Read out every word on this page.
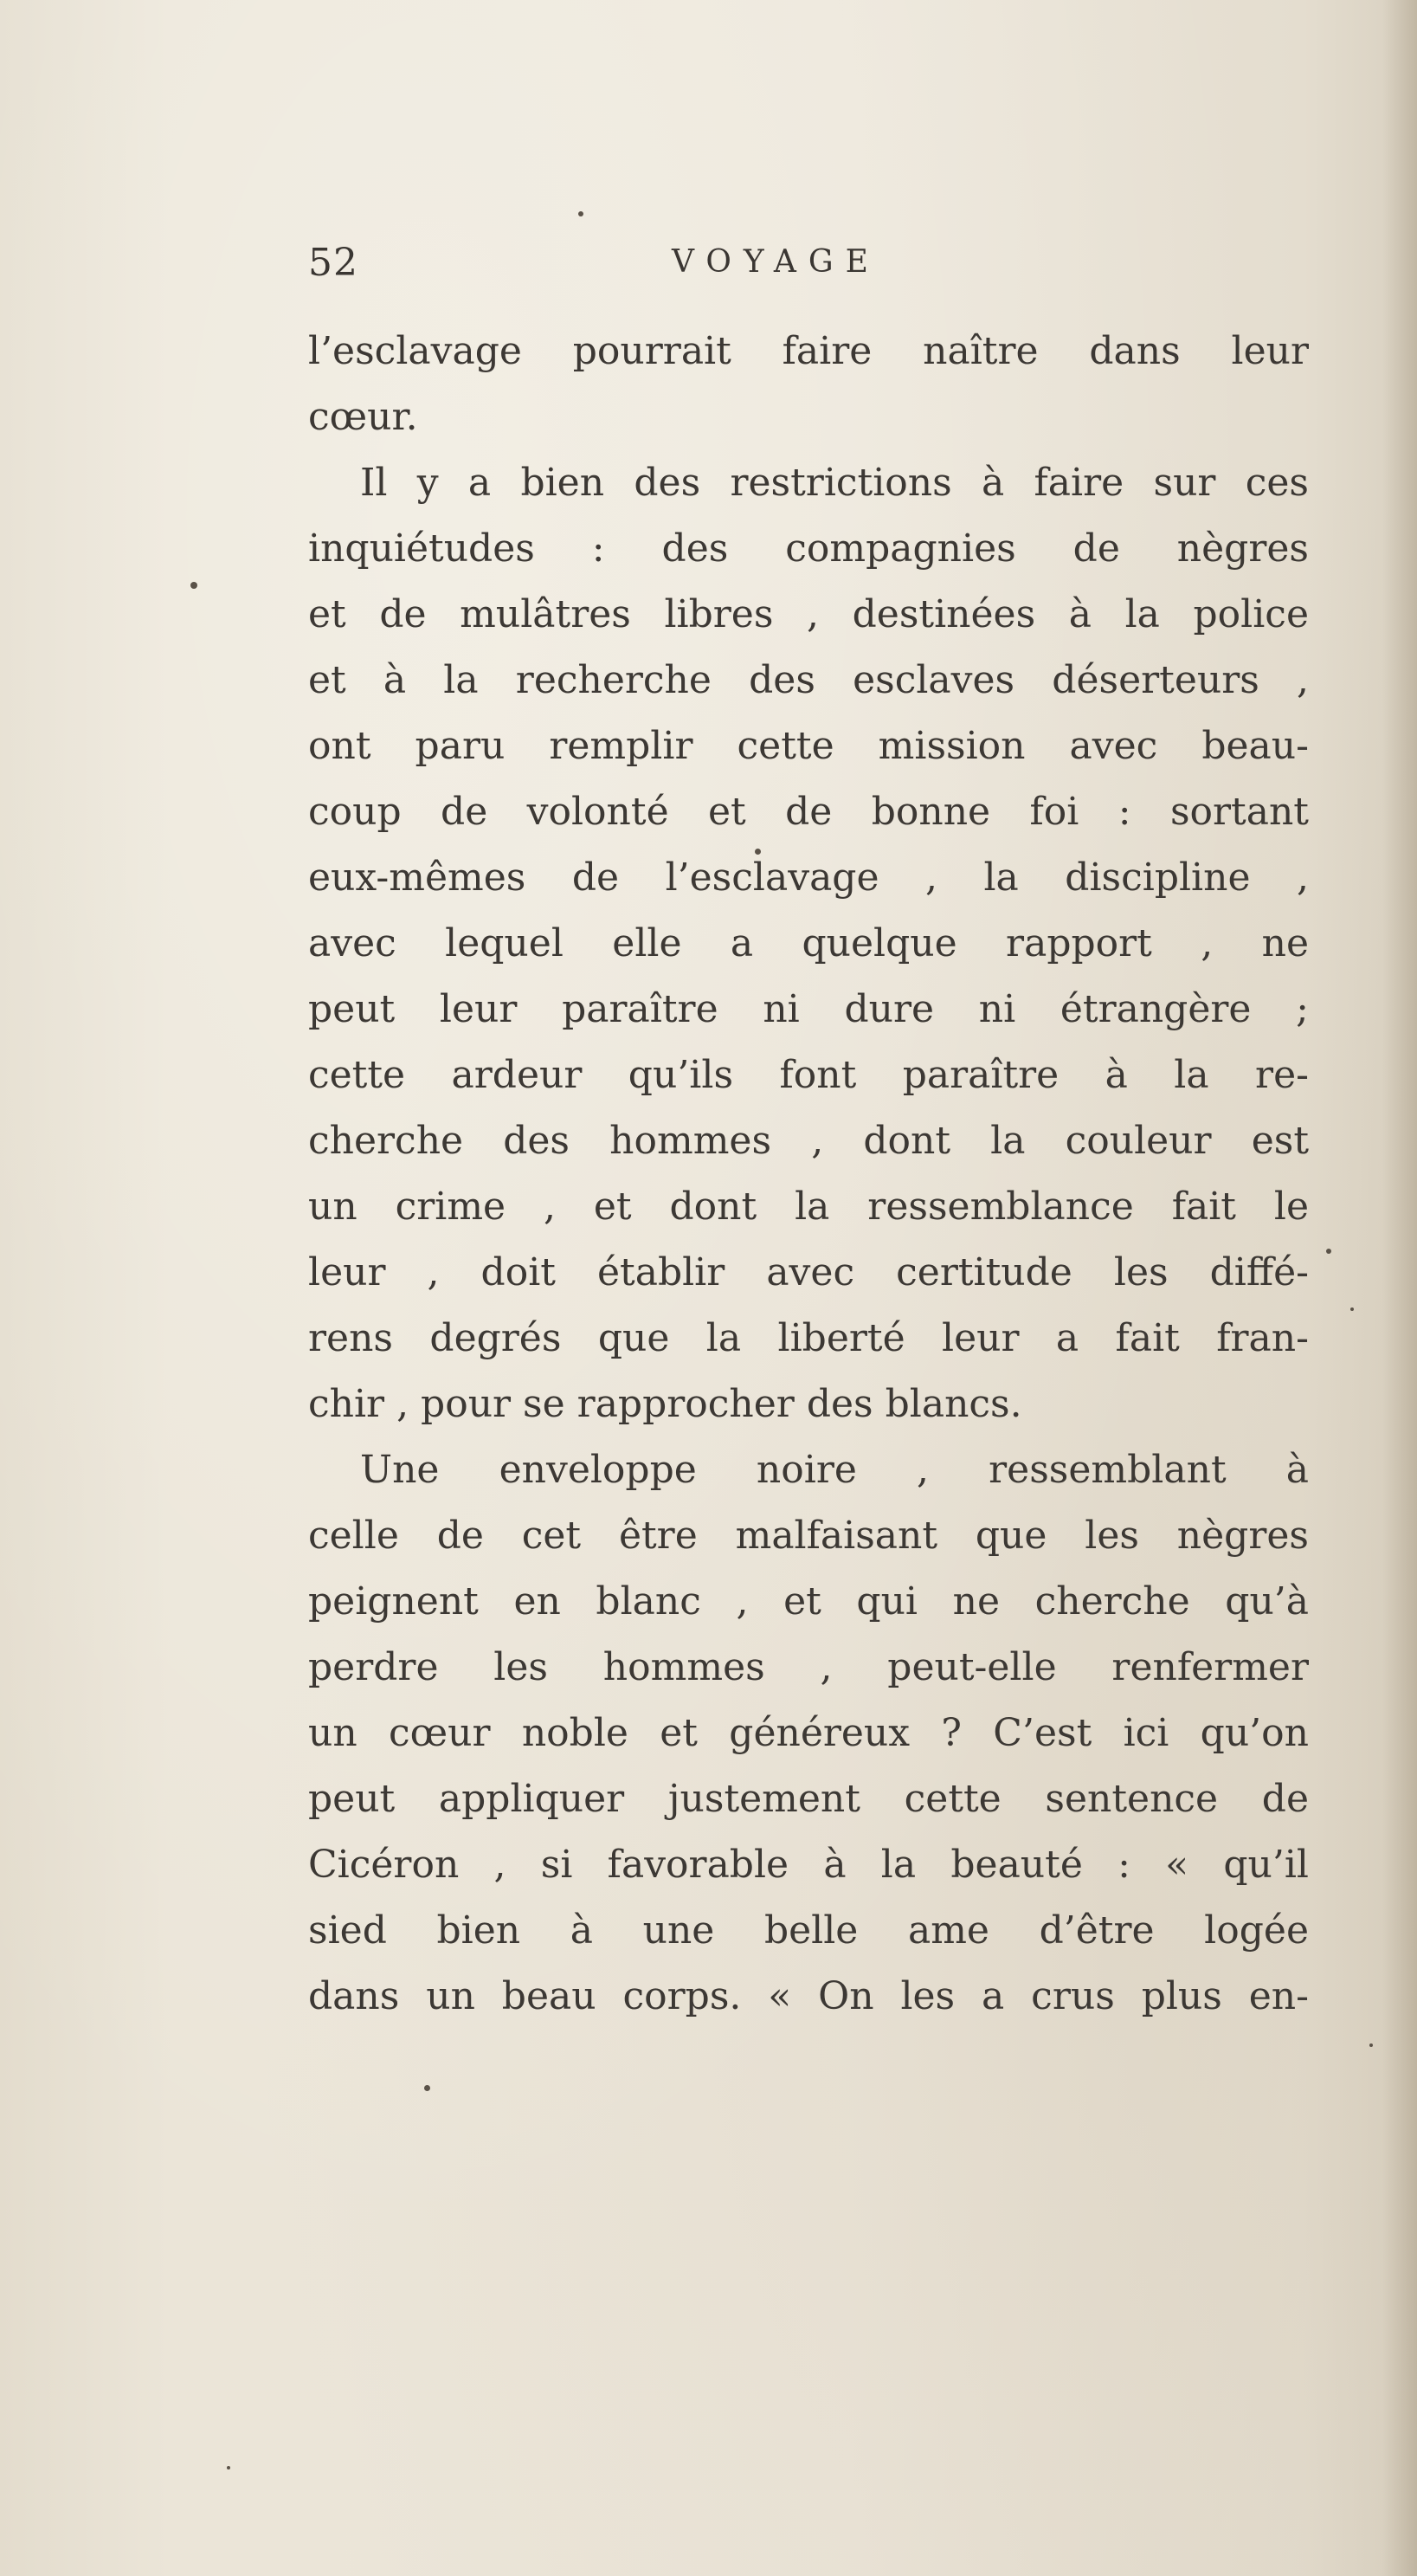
52	VOYAGE
l’esclavage pourrait faire naître dans leur
cœur.
Il y a bien des restrictions à faire sur ces
inquiétudes : des compagnies de nègres
et de mulâtres libres , destinées à la police
et à la recherche des esclaves déserteurs ,
ont paru remplir cette mission avec beau-
coup de volonté et de bonne foi : sortant
eux-mêmes de l’esclavage , la discipline ,
avec lequel elle a quelque rapport , ne
peut leur paraître ni dure ni étrangère ;
cette ardeur qu’ils font paraître à la re-
cherche des hommes , dont la couleur est
un crime , et dont la ressemblance fait le
leur , doit établir avec certitude les diffé-
rens degrés que la liberté leur a fait fran-
chir , pour se rapprocher des blancs.
Une enveloppe noire , ressemblant à
celle de cet être malfaisant que les nègres
peignent en blanc , et qui ne cherche qu’à
perdre les hommes , peut-elle renfermer
un cœur noble et généreux ? C’est ici qu’on
peut appliquer justement cette sentence de
Cicéron , si favorable à la beauté : « qu’il
sied bien à une belle ame d’être logée
dans un beau corps. « On les a crus plus en-
